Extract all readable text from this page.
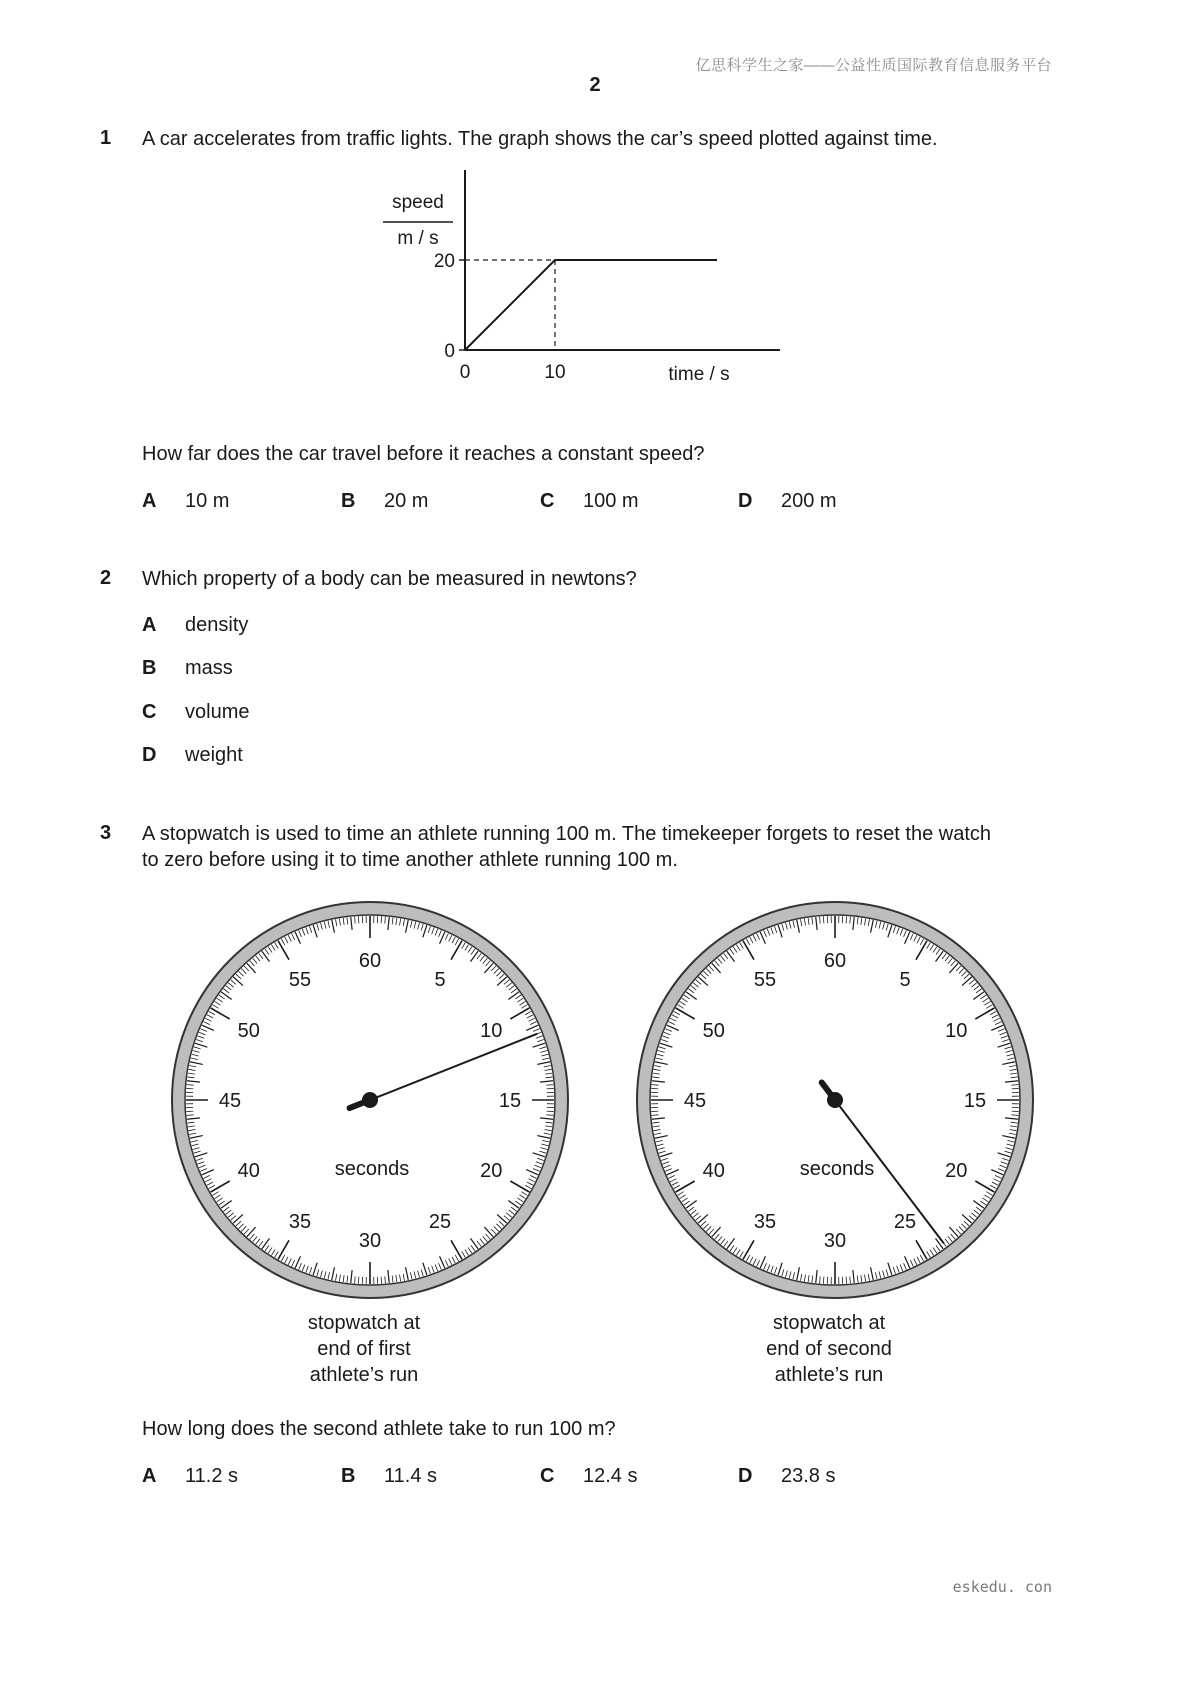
亿思科学生之家——公益性质国际教育信息服务平台
2
1 A car accelerates from traffic lights. The graph shows the car’s speed plotted against time.
0
20
0	10
speed
m / s
time / s
How far does the car travel before it reaches a constant speed?
A 10 m	B 20 m	C 100 m	D 200 m
2 Which property of a body can be measured in newtons?
A density
B mass
C volume
D weight
3 A stopwatch is used to time an athlete running 100 m. The timekeeper forgets to reset the watch
to zero before using it to time another athlete running 100 m.
60
5
10
15
20
25
30
35
40
45
50
55
seconds
60
5
10
15
20
25
30
35
40
45
50
55
seconds
stopwatch at
end of first
athlete’s run
stopwatch at
end of second
athlete’s run
How long does the second athlete take to run 100 m?
A 11.2 s	B 11.4 s	C 12.4 s	D 23.8 s
eskedu. con
